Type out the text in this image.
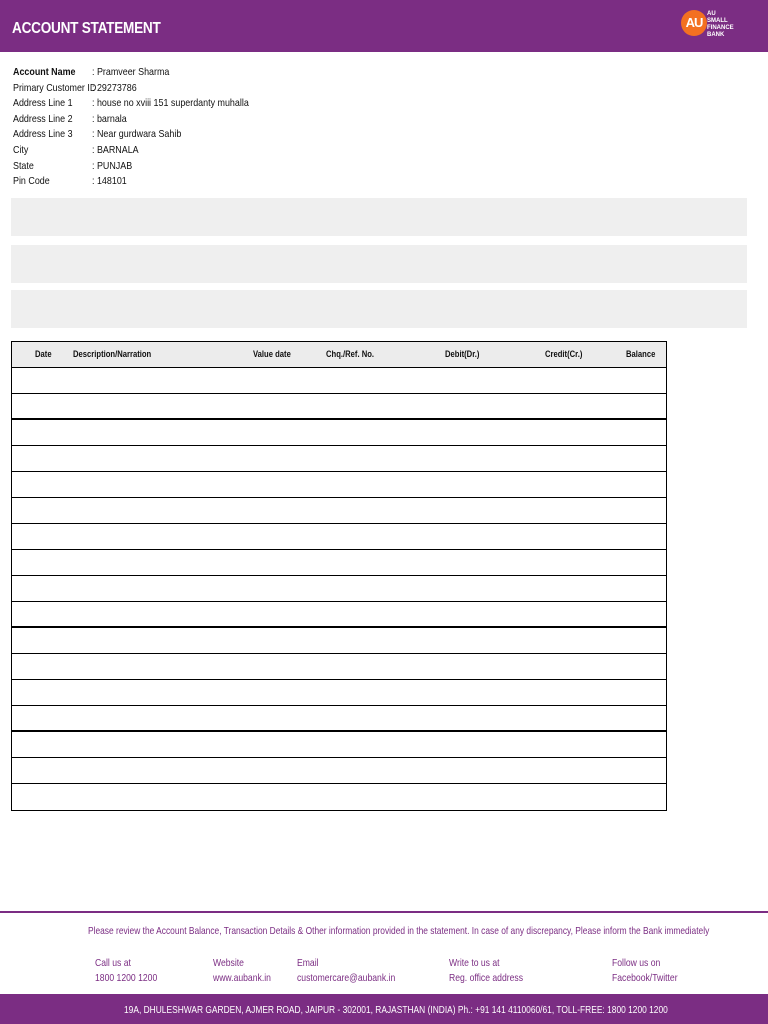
ACCOUNT STATEMENT	AU
AU
SMALL
FINANCE
BANK
Account Name : Pramveer Sharma
Primary Customer ID
: 29273786
Address Line 1 : house no xviii 151 superdanty muhalla
Address Line 2 : barnala
Address Line 3 : Near gurdwara Sahib
City	: BARNALA
State	: PUNJAB
Pin Code	: 148101
Date Description/Narration	Value date	Chq./Ref. No.	Debit(Dr.)	Credit(Cr.)	Balance
Please review the Account Balance, Transaction Details & Other information provided in the statement. In case of any discrepancy, Please inform the Bank immediately
Call us at
1800 1200 1200
Website
www.aubank.in
Email
customercare@aubank.in
Write to us at
Reg. office address
Follow us on
Facebook/Twitter
19A, DHULESHWAR GARDEN, AJMER ROAD, JAIPUR - 302001, RAJASTHAN (INDIA) Ph.: +91 141 4110060/61, TOLL-FREE: 1800 1200 1200
